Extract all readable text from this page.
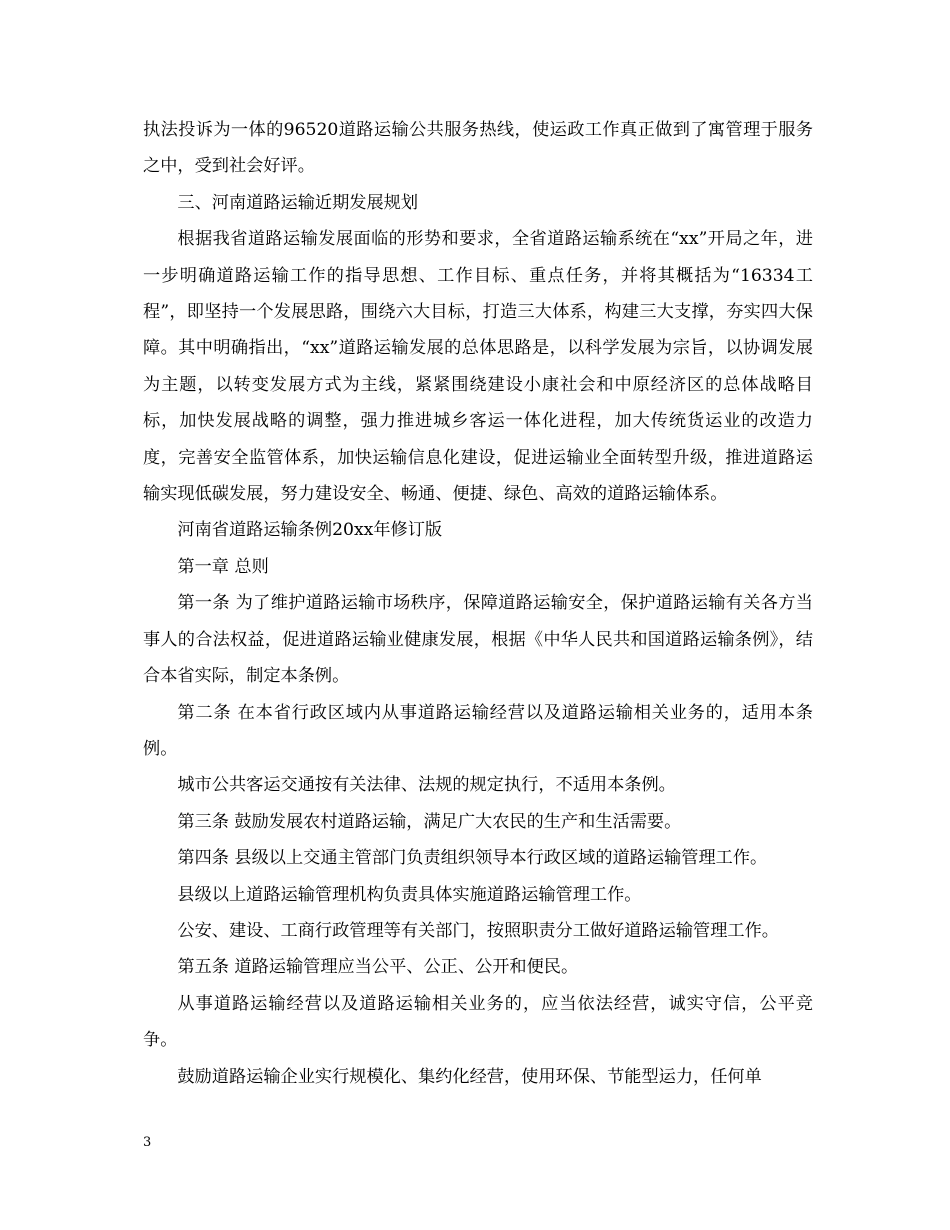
执法投诉为一体的96520道路运输公共服务热线，使运政工作真正做到了寓管理于服务之中，受到社会好评。

三、河南道路运输近期发展规划

根据我省道路运输发展面临的形势和要求，全省道路运输系统在“xx”开局之年，进一步明确道路运输工作的指导思想、工作目标、重点任务，并将其概括为“16334工程”，即坚持一个发展思路，围绕六大目标，打造三大体系，构建三大支撑，夯实四大保障。其中明确指出，“xx”道路运输发展的总体思路是，以科学发展为宗旨，以协调发展为主题，以转变发展方式为主线，紧紧围绕建设小康社会和中原经济区的总体战略目标，加快发展战略的调整，强力推进城乡客运一体化进程，加大传统货运业的改造力度，完善安全监管体系，加快运输信息化建设，促进运输业全面转型升级，推进道路运输实现低碳发展，努力建设安全、畅通、便捷、绿色、高效的道路运输体系。

河南省道路运输条例20xx年修订版

第一章 总则

第一条 为了维护道路运输市场秩序，保障道路运输安全，保护道路运输有关各方当事人的合法权益，促进道路运输业健康发展，根据《中华人民共和国道路运输条例》，结合本省实际，制定本条例。

第二条 在本省行政区域内从事道路运输经营以及道路运输相关业务的，适用本条例。

城市公共客运交通按有关法律、法规的规定执行，不适用本条例。

第三条 鼓励发展农村道路运输，满足广大农民的生产和生活需要。

第四条 县级以上交通主管部门负责组织领导本行政区域的道路运输管理工作。

县级以上道路运输管理机构负责具体实施道路运输管理工作。

公安、建设、工商行政管理等有关部门，按照职责分工做好道路运输管理工作。

第五条 道路运输管理应当公平、公正、公开和便民。

从事道路运输经营以及道路运输相关业务的，应当依法经营，诚实守信，公平竞争。

鼓励道路运输企业实行规模化、集约化经营，使用环保、节能型运力，任何单

3
